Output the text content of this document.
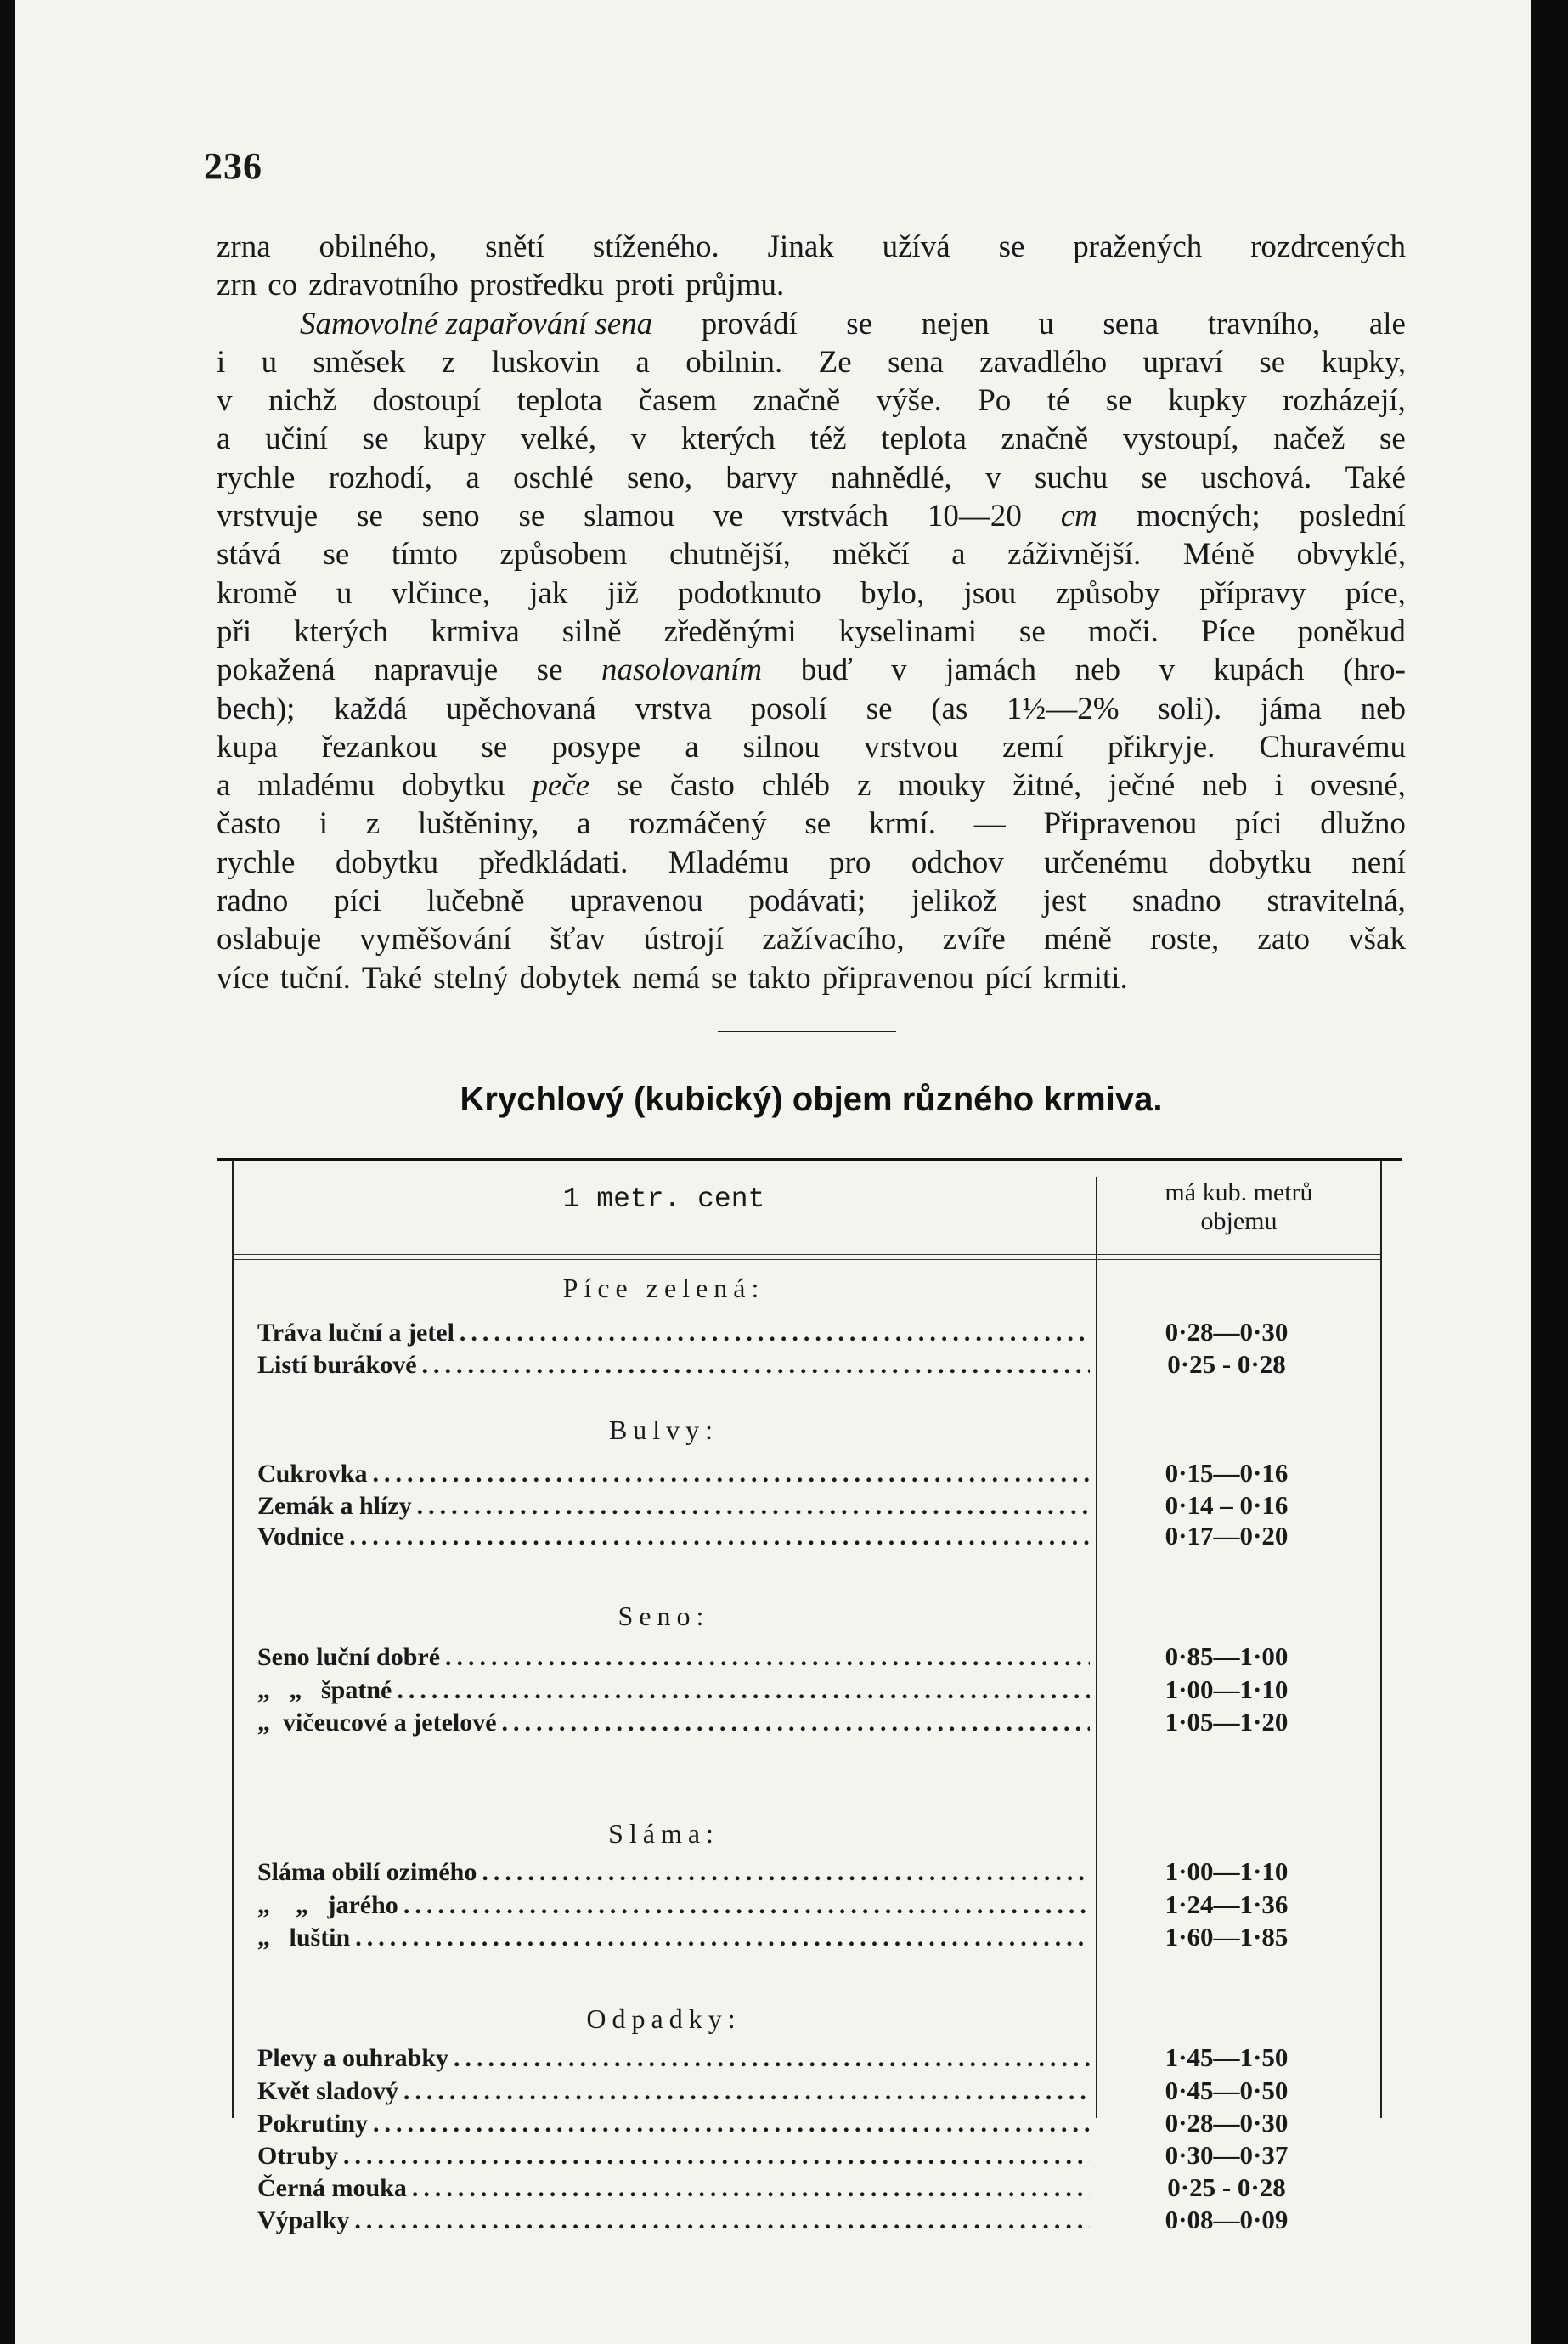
236
zrna obilného, snětí stíženého. Jinak užívá se pražených rozdrcených
zrn co zdravotního prostředku proti průjmu.
Samovolné zapařování sena provádí se nejen u sena travního, ale
i u směsek z luskovin a obilnin. Ze sena zavadlého upraví se kupky,
v nichž dostoupí teplota časem značně výše. Po té se kupky rozházejí,
a učiní se kupy velké, v kterých též teplota značně vystoupí, načež se
rychle rozhodí, a oschlé seno, barvy nahnědlé, v suchu se uschová. Také
vrstvuje se seno se slamou ve vrstvách 10—20 cm mocných; poslední
stává se tímto způsobem chutnější, měkčí a záživnější. Méně obvyklé,
kromě u vlčince, jak již podotknuto bylo, jsou způsoby přípravy píce,
při kterých krmiva silně zředěnými kyselinami se moči. Píce poněkud
pokažená napravuje se nasolovaním buď v jamách neb v kupách (hro-
bech); každá upěchovaná vrstva posolí se (as 1½—2% soli). jáma neb
kupa řezankou se posype a silnou vrstvou zemí přikryje. Churavému
a mladému dobytku peče se často chléb z mouky žitné, ječné neb i ovesné,
často i z luštěniny, a rozmáčený se krmí. — Připravenou píci dlužno
rychle dobytku předkládati. Mladému pro odchov určenému dobytku není
radno píci lučebně upravenou podávati; jelikož jest snadno stravitelná,
oslabuje vyměšování šťav ústrojí zažívacího, zvíře méně roste, zato však
více tuční. Také stelný dobytek nemá se takto připravenou pící krmiti.
Krychlový (kubický) objem různého krmiva.
1 metr. cent	má kub. metrů
objemu
Píce zelená:
Tráva luční a jetel .....	0·28—0·30
Listí burákové .....	0·25 - 0·28
Bulvy:
Cukrovka .....	0·15—0·16
Zemák a hlízy .....	0·14 – 0·16
Vodnice .....	0·17—0·20
Seno:
Seno luční dobré .....	0·85—1·00
„   „   špatné .....	1·00—1·10
„  vičeucové a jetelové .....	1·05—1·20
Sláma:
Sláma obilí ozimého .....	1·00—1·10
„    „   jarého .....	1·24—1·36
„   luštin .....	1·60—1·85
Odpadky:
Plevy a ouhrabky .....	1·45—1·50
Květ sladový .....	0·45—0·50
Pokrutiny .....	0·28—0·30
Otruby .....	0·30—0·37
Černá mouka .....	0·25 - 0·28
Výpalky .....	0·08—0·09
